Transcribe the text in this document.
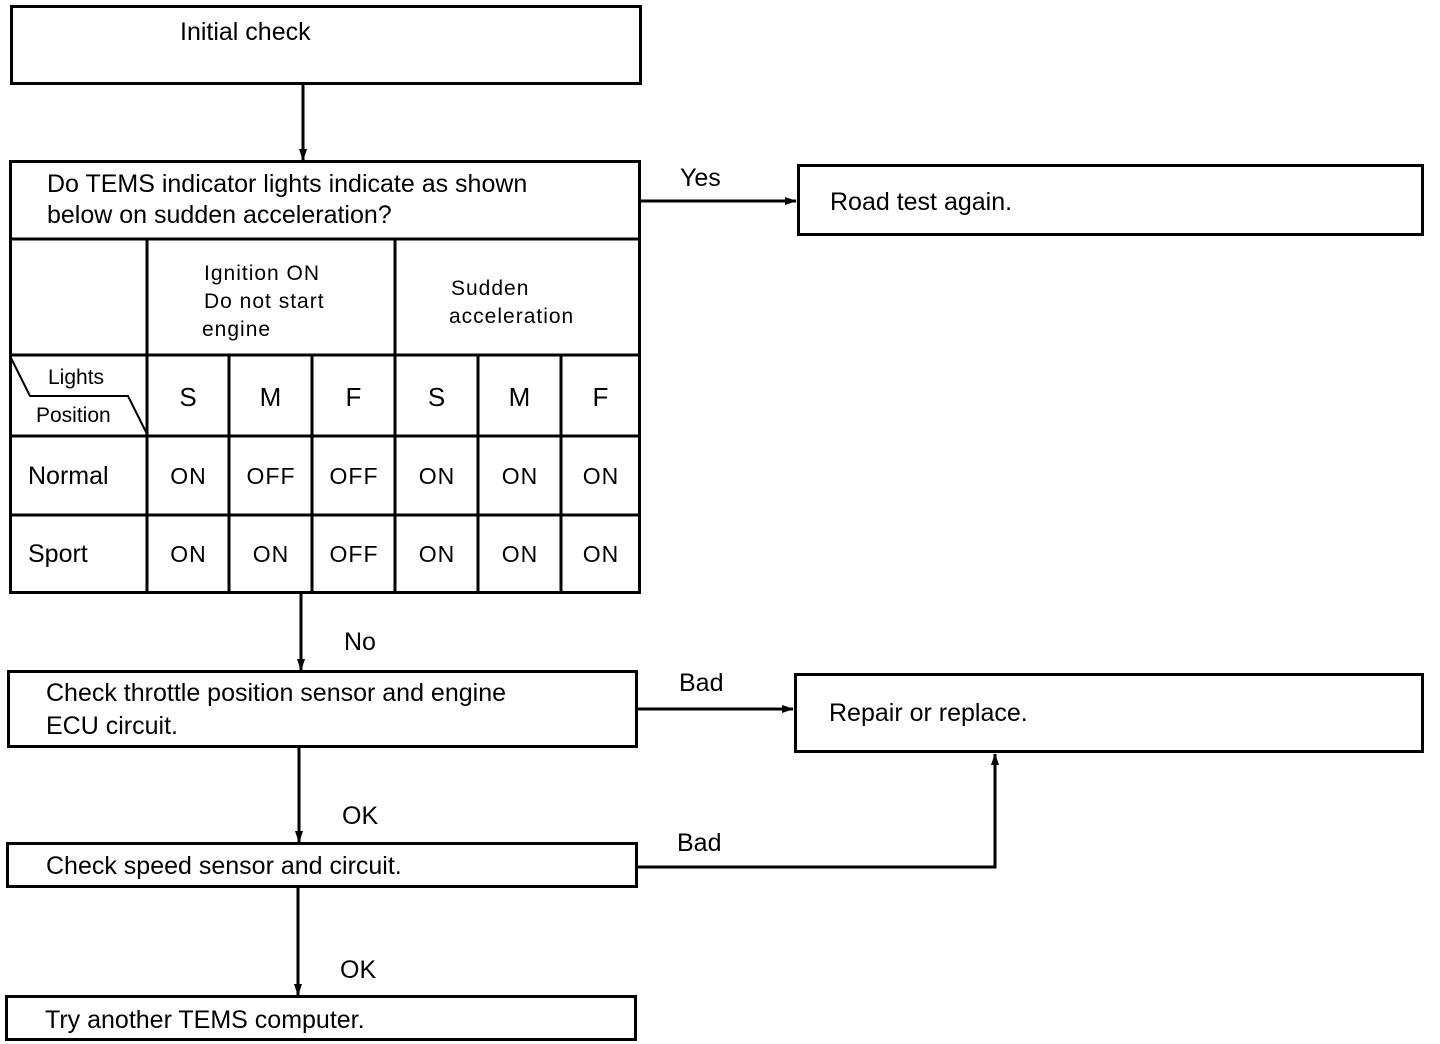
Initial check
Do TEMS indicator lights indicate as shown
below on sudden acceleration?
Ignition ON
Do not start
engine
Sudden
acceleration
Lights
Position
S	M	F	S	M	F
Normal	ON	OFF	OFF	ON	ON	ON
Sport	ON	ON	OFF	ON	ON	ON
Road test again.
Check throttle position sensor and engine
ECU circuit.	Repair or replace.
Check speed sensor and circuit.
Try another TEMS computer.
Yes
No
Bad
OK
Bad
OK
